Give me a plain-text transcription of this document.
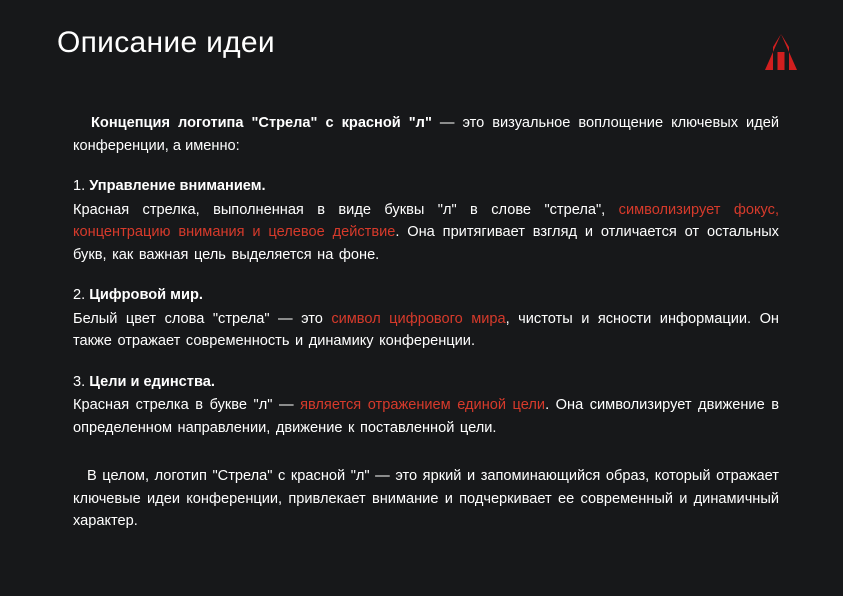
Описание идеи

Концепция логотипа "Стрела" с красной "л" — это визуальное воплощение ключевых идей конференции, а именно:

1. Управление вниманием.

Красная стрелка, выполненная в виде буквы "л" в слове "стрела", символизирует фокус, концентрацию внимания и целевое действие. Она притягивает взгляд и отличается от остальных букв, как важная цель выделяется на фоне.

2. Цифровой мир.

Белый цвет слова "стрела" — это символ цифрового мира, чистоты и ясности информации. Он также отражает современность и динамику конференции.

3. Цели и единства.

Красная стрелка в букве "л" — является отражением единой цели. Она символизирует движение в определенном направлении, движение к поставленной цели.

В целом, логотип "Стрела" с красной "л" — это яркий и запоминающийся образ, который отражает ключевые идеи конференции, привлекает внимание и подчеркивает ее современный и динамичный характер.
